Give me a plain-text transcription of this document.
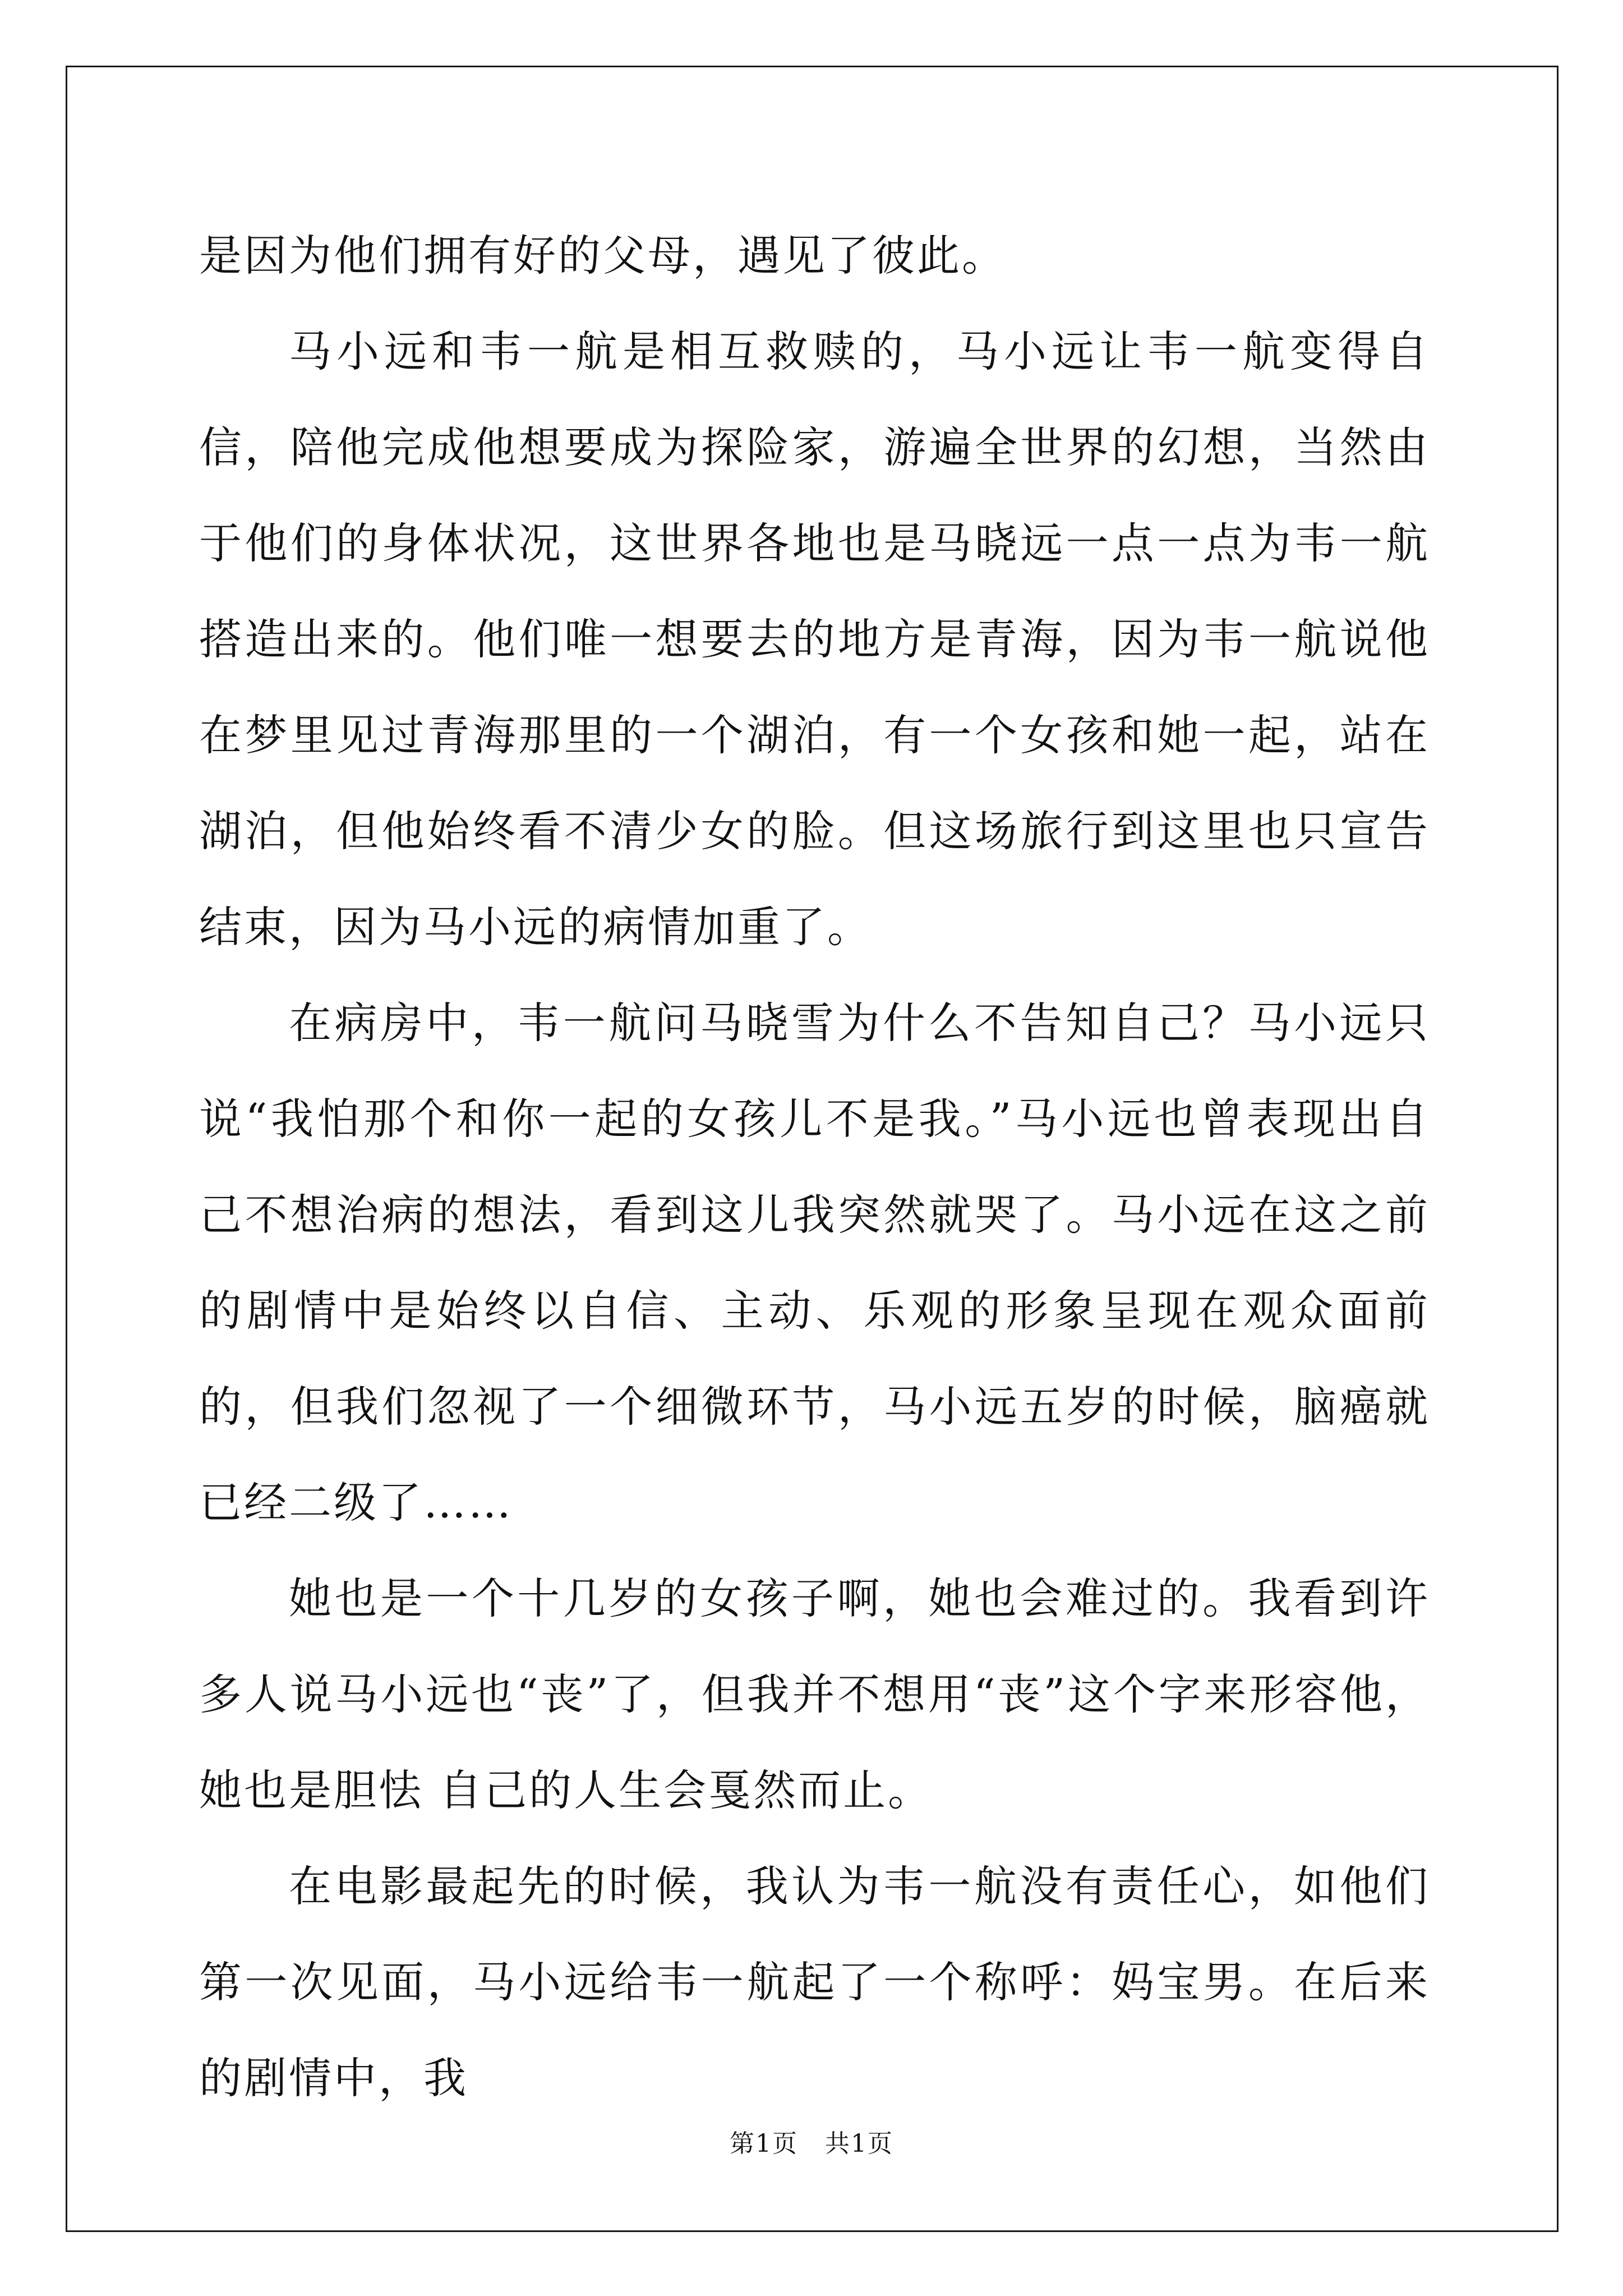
是因为他们拥有好的父母，遇见了彼此。

马小远和韦一航是相互救赎的，马小远让韦一航变得自信，陪他完成他想要成为探险家，游遍全世界的幻想，当然由于他们的身体状况，这世界各地也是马晓远一点一点为韦一航搭造出来的。他们唯一想要去的地方是青海，因为韦一航说他在梦里见过青海那里的一个湖泊，有一个女孩和她一起，站在湖泊，但他始终看不清少女的脸。但这场旅行到这里也只宣告结束，因为马小远的病情加重了。

在病房中，韦一航问马晓雪为什么不告知自己？马小远只说“我怕那个和你一起的女孩儿不是我。”马小远也曾表现出自己不想治病的想法，看到这儿我突然就哭了。马小远在这之前的剧情中是始终以自信、主动、乐观的形象呈现在观众面前的，但我们忽视了一个细微环节，马小远五岁的时候，脑癌就已经二级了……

她也是一个十几岁的女孩子啊，她也会难过的。我看到许多人说马小远也“丧”了，但我并不想用“丧”这个字来形容他，她也是胆怯 自己的人生会戛然而止。

在电影最起先的时候，我认为韦一航没有责任心，如他们第一次见面，马小远给韦一航起了一个称呼：妈宝男。在后来的剧情中，我

第1页   共1页
